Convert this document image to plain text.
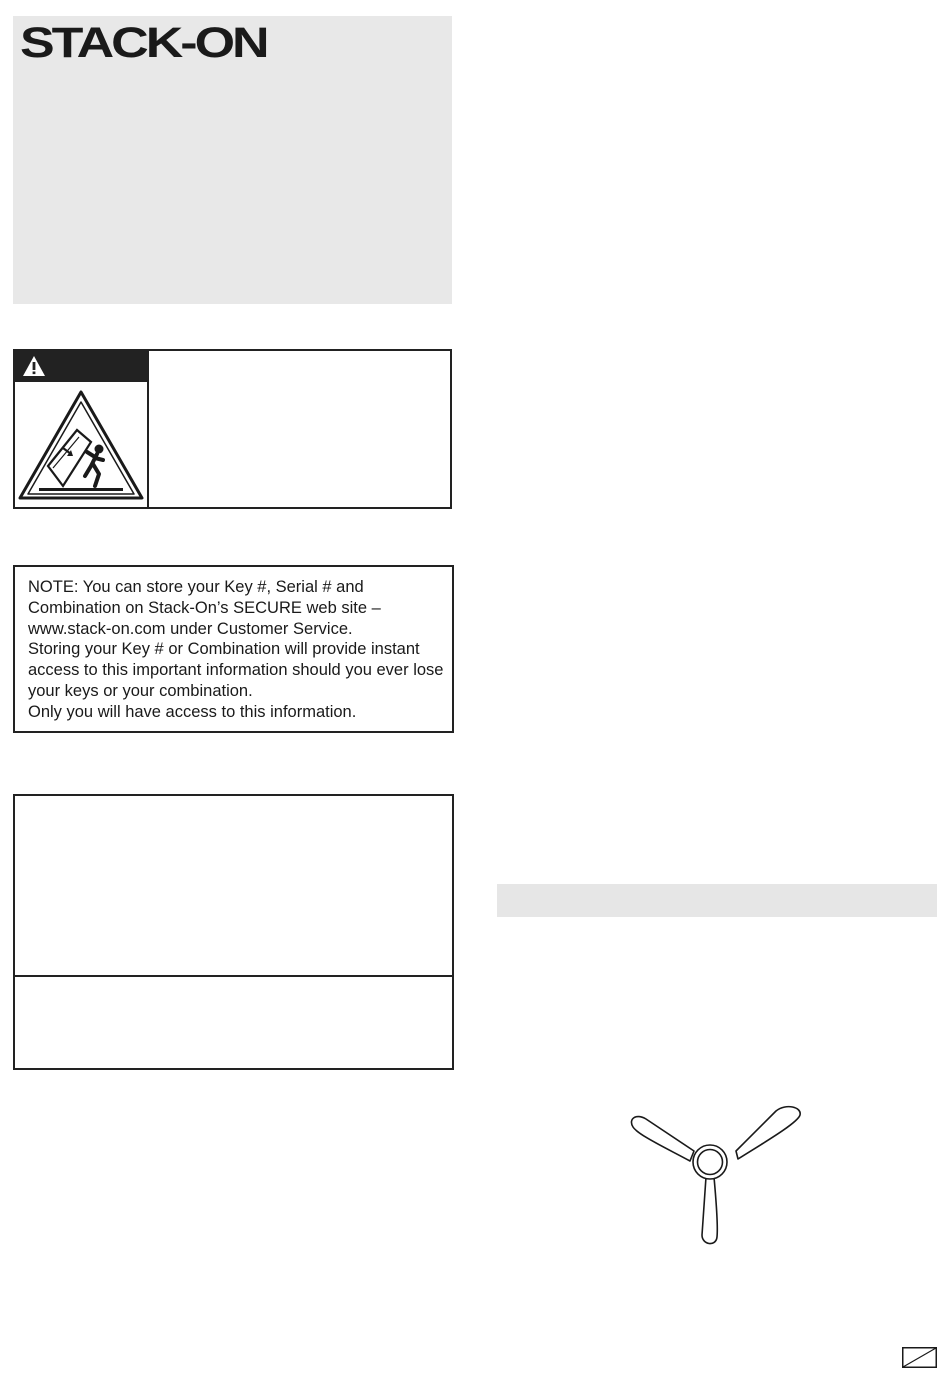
STACK-ON

NOTE: You can store your Key #, Serial # and Combination on Stack-On’s SECURE web site – www.stack-on.com under Customer Service.

Storing your Key # or Combination will provide instant access to this important information should you ever lose your keys or your combination.

Only you will have access to this information.
